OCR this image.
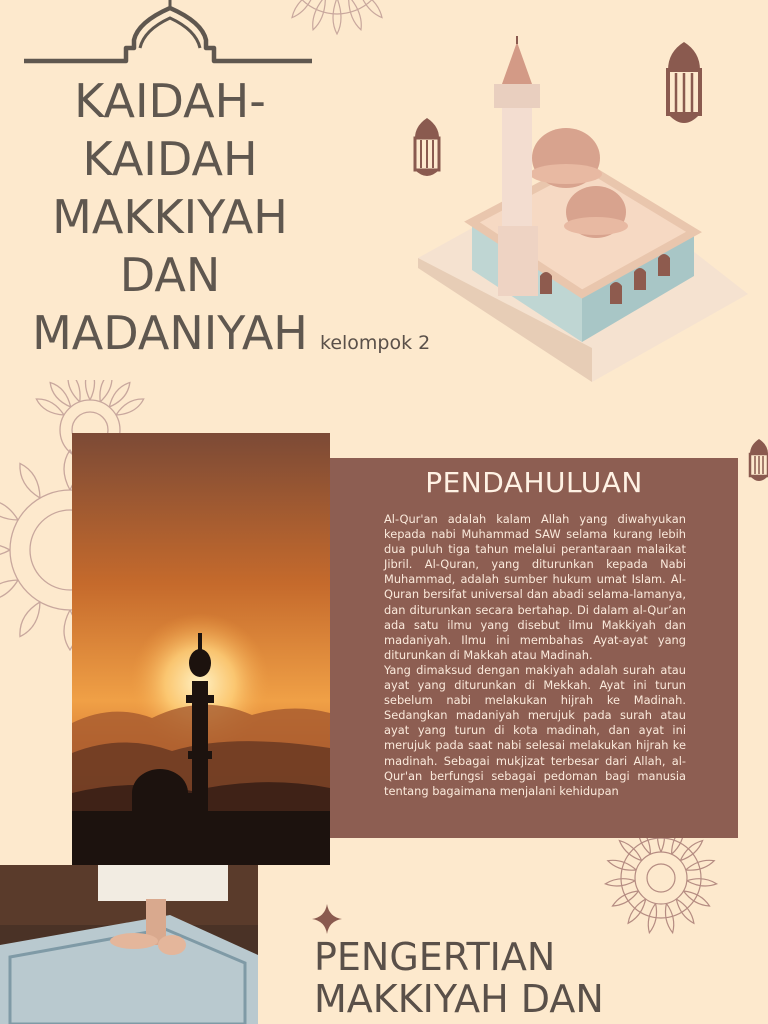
KAIDAH-KAIDAH MAKKIYAH DAN MADANIYAH kelompok 2
PENDAHULUAN

Al-Qur'an adalah kalam Allah yang diwahyukan kepada nabi Muhammad SAW selama kurang lebih dua puluh tiga tahun melalui perantaraan malaikat Jibril. Al-Quran, yang diturunkan kepada Nabi Muhammad, adalah sumber hukum umat Islam. Al-Quran bersifat universal dan abadi selama-lamanya, dan diturunkan secara bertahap. Di dalam al-Qur’an ada satu ilmu yang disebut ilmu Makkiyah dan madaniyah. Ilmu ini membahas Ayat-ayat yang diturunkan di Makkah atau Madinah.

Yang dimaksud dengan makiyah adalah surah atau ayat yang diturunkan di Mekkah. Ayat ini turun sebelum nabi melakukan hijrah ke Madinah. Sedangkan madaniyah merujuk pada surah atau ayat yang turun di kota madinah, dan ayat ini merujuk pada saat nabi selesai melakukan hijrah ke madinah. Sebagai mukjizat terbesar dari Allah, al-Qur'an berfungsi sebagai pedoman bagi manusia tentang bagaimana menjalani kehidupan

PENGERTIAN MAKKIYAH DAN
